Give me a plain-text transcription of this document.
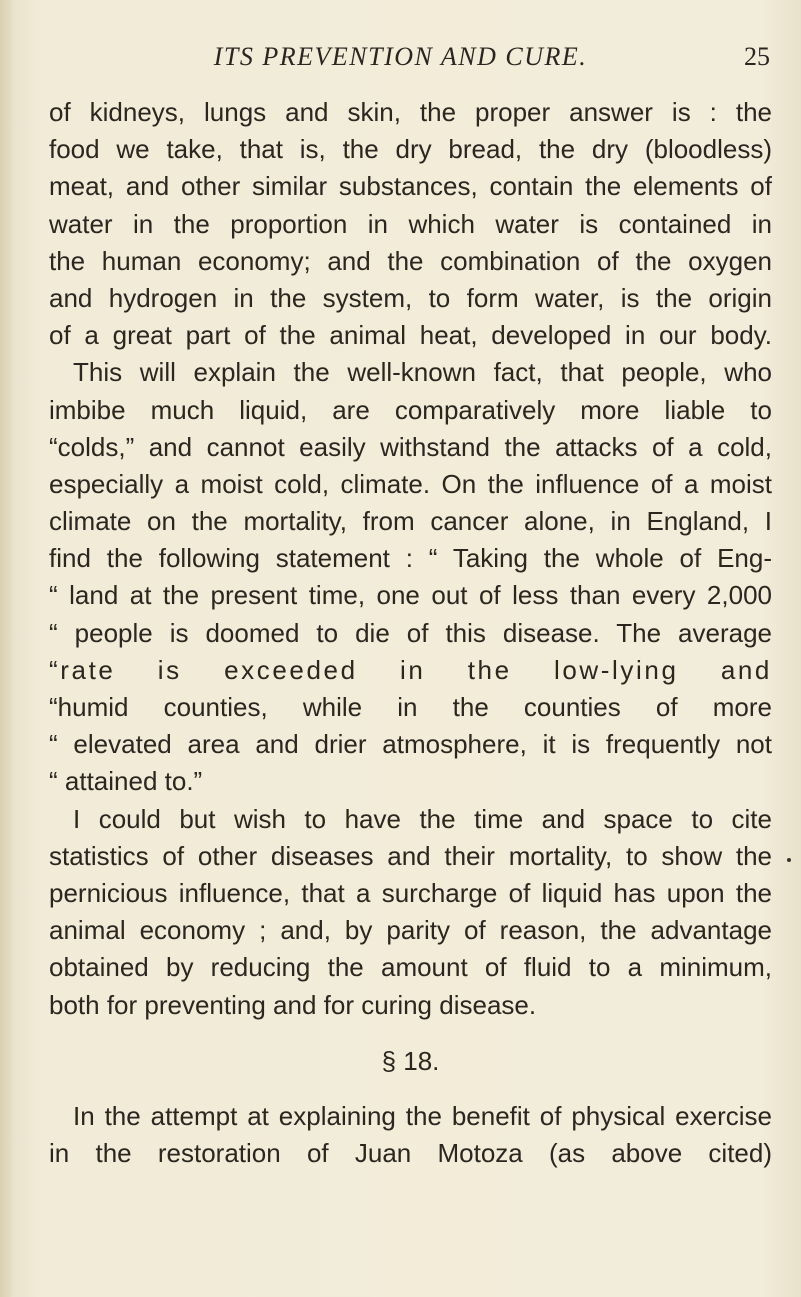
ITS PREVENTION AND CURE.	25
of kidneys, lungs and skin, the proper answer is : the
food we take, that is, the dry bread, the dry (bloodless)
meat, and other similar substances, contain the elements of
water in the proportion in which water is contained in
the human economy; and the combination of the oxygen
and hydrogen in the system, to form water, is the origin
of a great part of the animal heat, developed in our body.
This will explain the well-known fact, that people, who
imbibe much liquid, are comparatively more liable to
“colds,” and cannot easily withstand the attacks of a cold,
especially a moist cold, climate. On the influence of a moist
climate on the mortality, from cancer alone, in England, I
find the following statement : “ Taking the whole of Eng-
“ land at the present time, one out of less than every 2,000
“ people is doomed to die of this disease. The average
“rate is exceeded in the low-lying and
“humid counties, while in the counties of more
“ elevated area and drier atmosphere, it is frequently not
“ attained to.”
I could but wish to have the time and space to cite
statistics of other diseases and their mortality, to show the
pernicious influence, that a surcharge of liquid has upon the
animal economy ; and, by parity of reason, the advantage
obtained by reducing the amount of fluid to a minimum,
both for preventing and for curing disease.
§ 18.
In the attempt at explaining the benefit of physical exercise
in the restoration of Juan Motoza (as above cited)
